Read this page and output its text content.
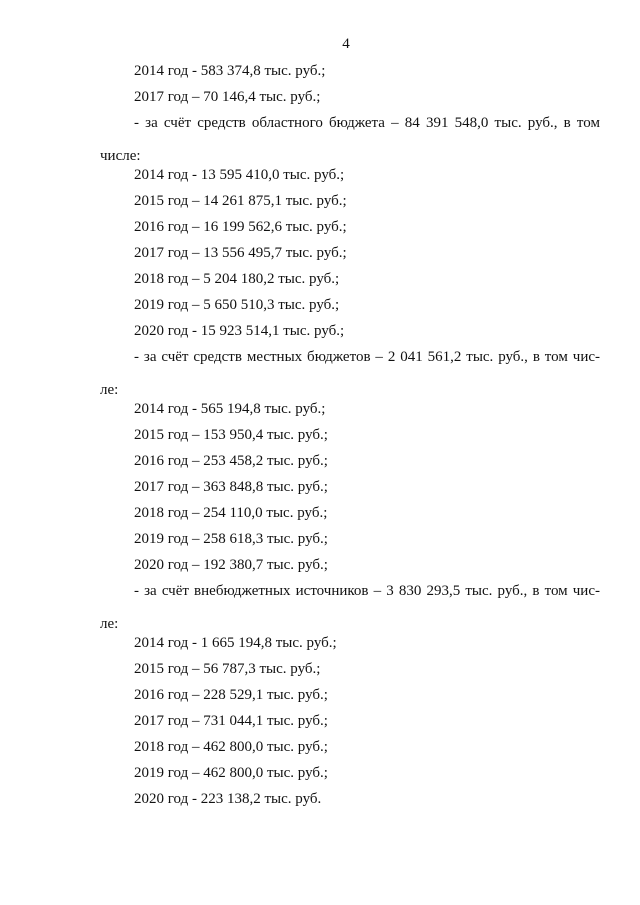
4
2014 год - 583 374,8 тыс. руб.;
2017 год – 70 146,4 тыс. руб.;
- за счёт средств областного бюджета – 84 391 548,0 тыс. руб., в том
числе:
2014 год - 13 595 410,0 тыс. руб.;
2015 год – 14 261 875,1 тыс. руб.;
2016 год – 16 199 562,6 тыс. руб.;
2017 год – 13 556 495,7 тыс. руб.;
2018 год – 5 204 180,2 тыс. руб.;
2019 год – 5 650 510,3 тыс. руб.;
2020 год - 15 923 514,1 тыс. руб.;
- за счёт средств местных бюджетов – 2 041 561,2 тыс. руб., в том чис-
ле:
2014 год - 565 194,8 тыс. руб.;
2015 год – 153 950,4 тыс. руб.;
2016 год – 253 458,2 тыс. руб.;
2017 год – 363 848,8 тыс. руб.;
2018 год – 254 110,0 тыс. руб.;
2019 год – 258 618,3 тыс. руб.;
2020 год – 192 380,7 тыс. руб.;
- за счёт внебюджетных источников – 3 830 293,5 тыс. руб., в том чис-
ле:
2014 год - 1 665 194,8 тыс. руб.;
2015 год – 56 787,3 тыс. руб.;
2016 год – 228 529,1 тыс. руб.;
2017 год – 731 044,1 тыс. руб.;
2018 год – 462 800,0 тыс. руб.;
2019 год – 462 800,0 тыс. руб.;
2020 год - 223 138,2 тыс. руб.
